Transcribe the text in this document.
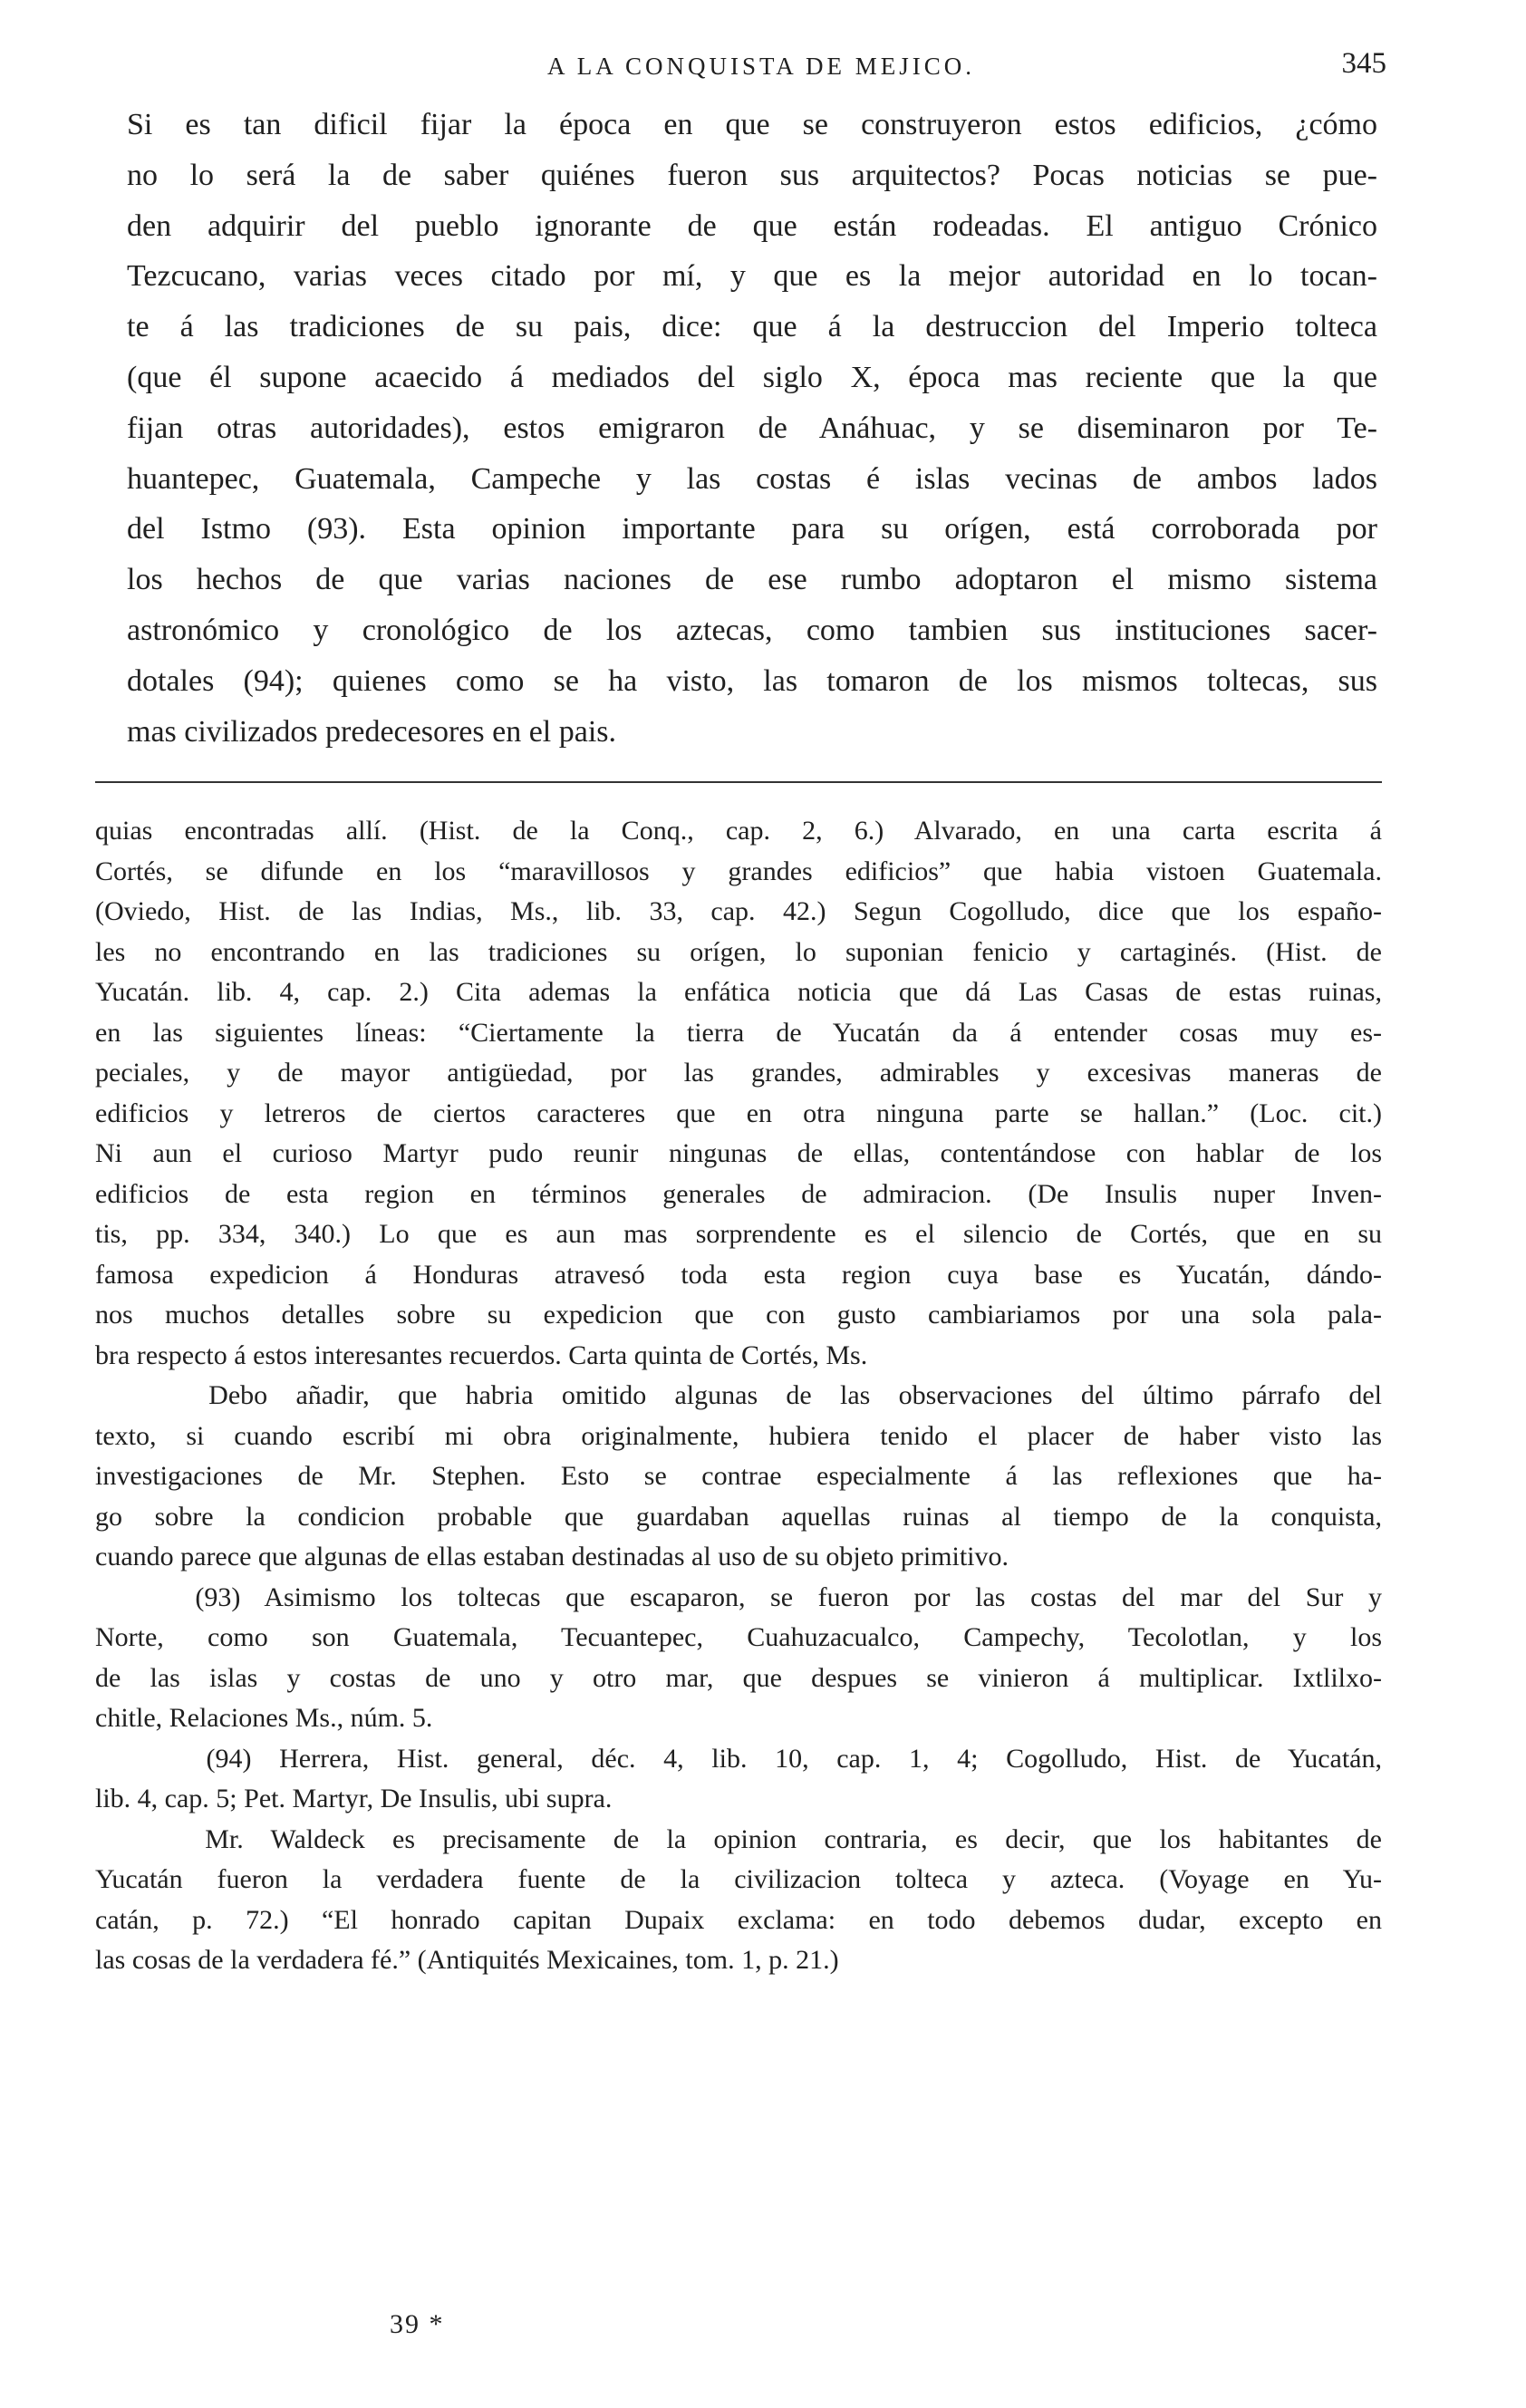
A LA CONQUISTA DE MEJICO.	345
Si es tan dificil fijar la época en que se construyeron estos edificios, ¿cómo
no lo será la de saber quiénes fueron sus arquitectos? Pocas noticias se pue-
den adquirir del pueblo ignorante de que están rodeadas. El antiguo Crónico
Tezcucano, varias veces citado por mí, y que es la mejor autoridad en lo tocan-
te á las tradiciones de su pais, dice: que á la destruccion del Imperio tolteca
(que él supone acaecido á mediados del siglo X, época mas reciente que la que
fijan otras autoridades), estos emigraron de Anáhuac, y se diseminaron por Te-
huantepec, Guatemala, Campeche y las costas é islas vecinas de ambos lados
del Istmo (93). Esta opinion importante para su orígen, está corroborada por
los hechos de que varias naciones de ese rumbo adoptaron el mismo sistema
astronómico y cronológico de los aztecas, como tambien sus instituciones sacer-
dotales (94); quienes como se ha visto, las tomaron de los mismos toltecas, sus
mas civilizados predecesores en el pais.
quias encontradas allí. (Hist. de la Conq., cap. 2, 6.) Alvarado, en una carta escrita á
Cortés, se difunde en los “maravillosos y grandes edificios” que habia vistoen Guatemala.
(Oviedo, Hist. de las Indias, Ms., lib. 33, cap. 42.) Segun Cogolludo, dice que los españo-
les no encontrando en las tradiciones su orígen, lo suponian fenicio y cartaginés. (Hist. de
Yucatán. lib. 4, cap. 2.) Cita ademas la enfática noticia que dá Las Casas de estas ruinas,
en las siguientes líneas: “Ciertamente la tierra de Yucatán da á entender cosas muy es-
peciales, y de mayor antigüedad, por las grandes, admirables y excesivas maneras de
edificios y letreros de ciertos caracteres que en otra ninguna parte se hallan.” (Loc. cit.)
Ni aun el curioso Martyr pudo reunir ningunas de ellas, contentándose con hablar de los
edificios de esta region en términos generales de admiracion. (De Insulis nuper Inven-
tis, pp. 334, 340.) Lo que es aun mas sorprendente es el silencio de Cortés, que en su
famosa expedicion á Honduras atravesó toda esta region cuya base es Yucatán, dándo-
nos muchos detalles sobre su expedicion que con gusto cambiariamos por una sola pala-
bra respecto á estos interesantes recuerdos. Carta quinta de Cortés, Ms.
Debo añadir, que habria omitido algunas de las observaciones del último párrafo del
texto, si cuando escribí mi obra originalmente, hubiera tenido el placer de haber visto las
investigaciones de Mr. Stephen. Esto se contrae especialmente á las reflexiones que ha-
go sobre la condicion probable que guardaban aquellas ruinas al tiempo de la conquista,
cuando parece que algunas de ellas estaban destinadas al uso de su objeto primitivo.
(93) Asimismo los toltecas que escaparon, se fueron por las costas del mar del Sur y
Norte, como son Guatemala, Tecuantepec, Cuahuzacualco, Campechy, Tecolotlan, y los
de las islas y costas de uno y otro mar, que despues se vinieron á multiplicar. Ixtlilxo-
chitle, Relaciones Ms., núm. 5.
(94) Herrera, Hist. general, déc. 4, lib. 10, cap. 1, 4; Cogolludo, Hist. de Yucatán,
lib. 4, cap. 5; Pet. Martyr, De Insulis, ubi supra.
Mr. Waldeck es precisamente de la opinion contraria, es decir, que los habitantes de
Yucatán fueron la verdadera fuente de la civilizacion tolteca y azteca. (Voyage en Yu-
catán, p. 72.) “El honrado capitan Dupaix exclama: en todo debemos dudar, excepto en
las cosas de la verdadera fé.” (Antiquités Mexicaines, tom. 1, p. 21.)
39 *
